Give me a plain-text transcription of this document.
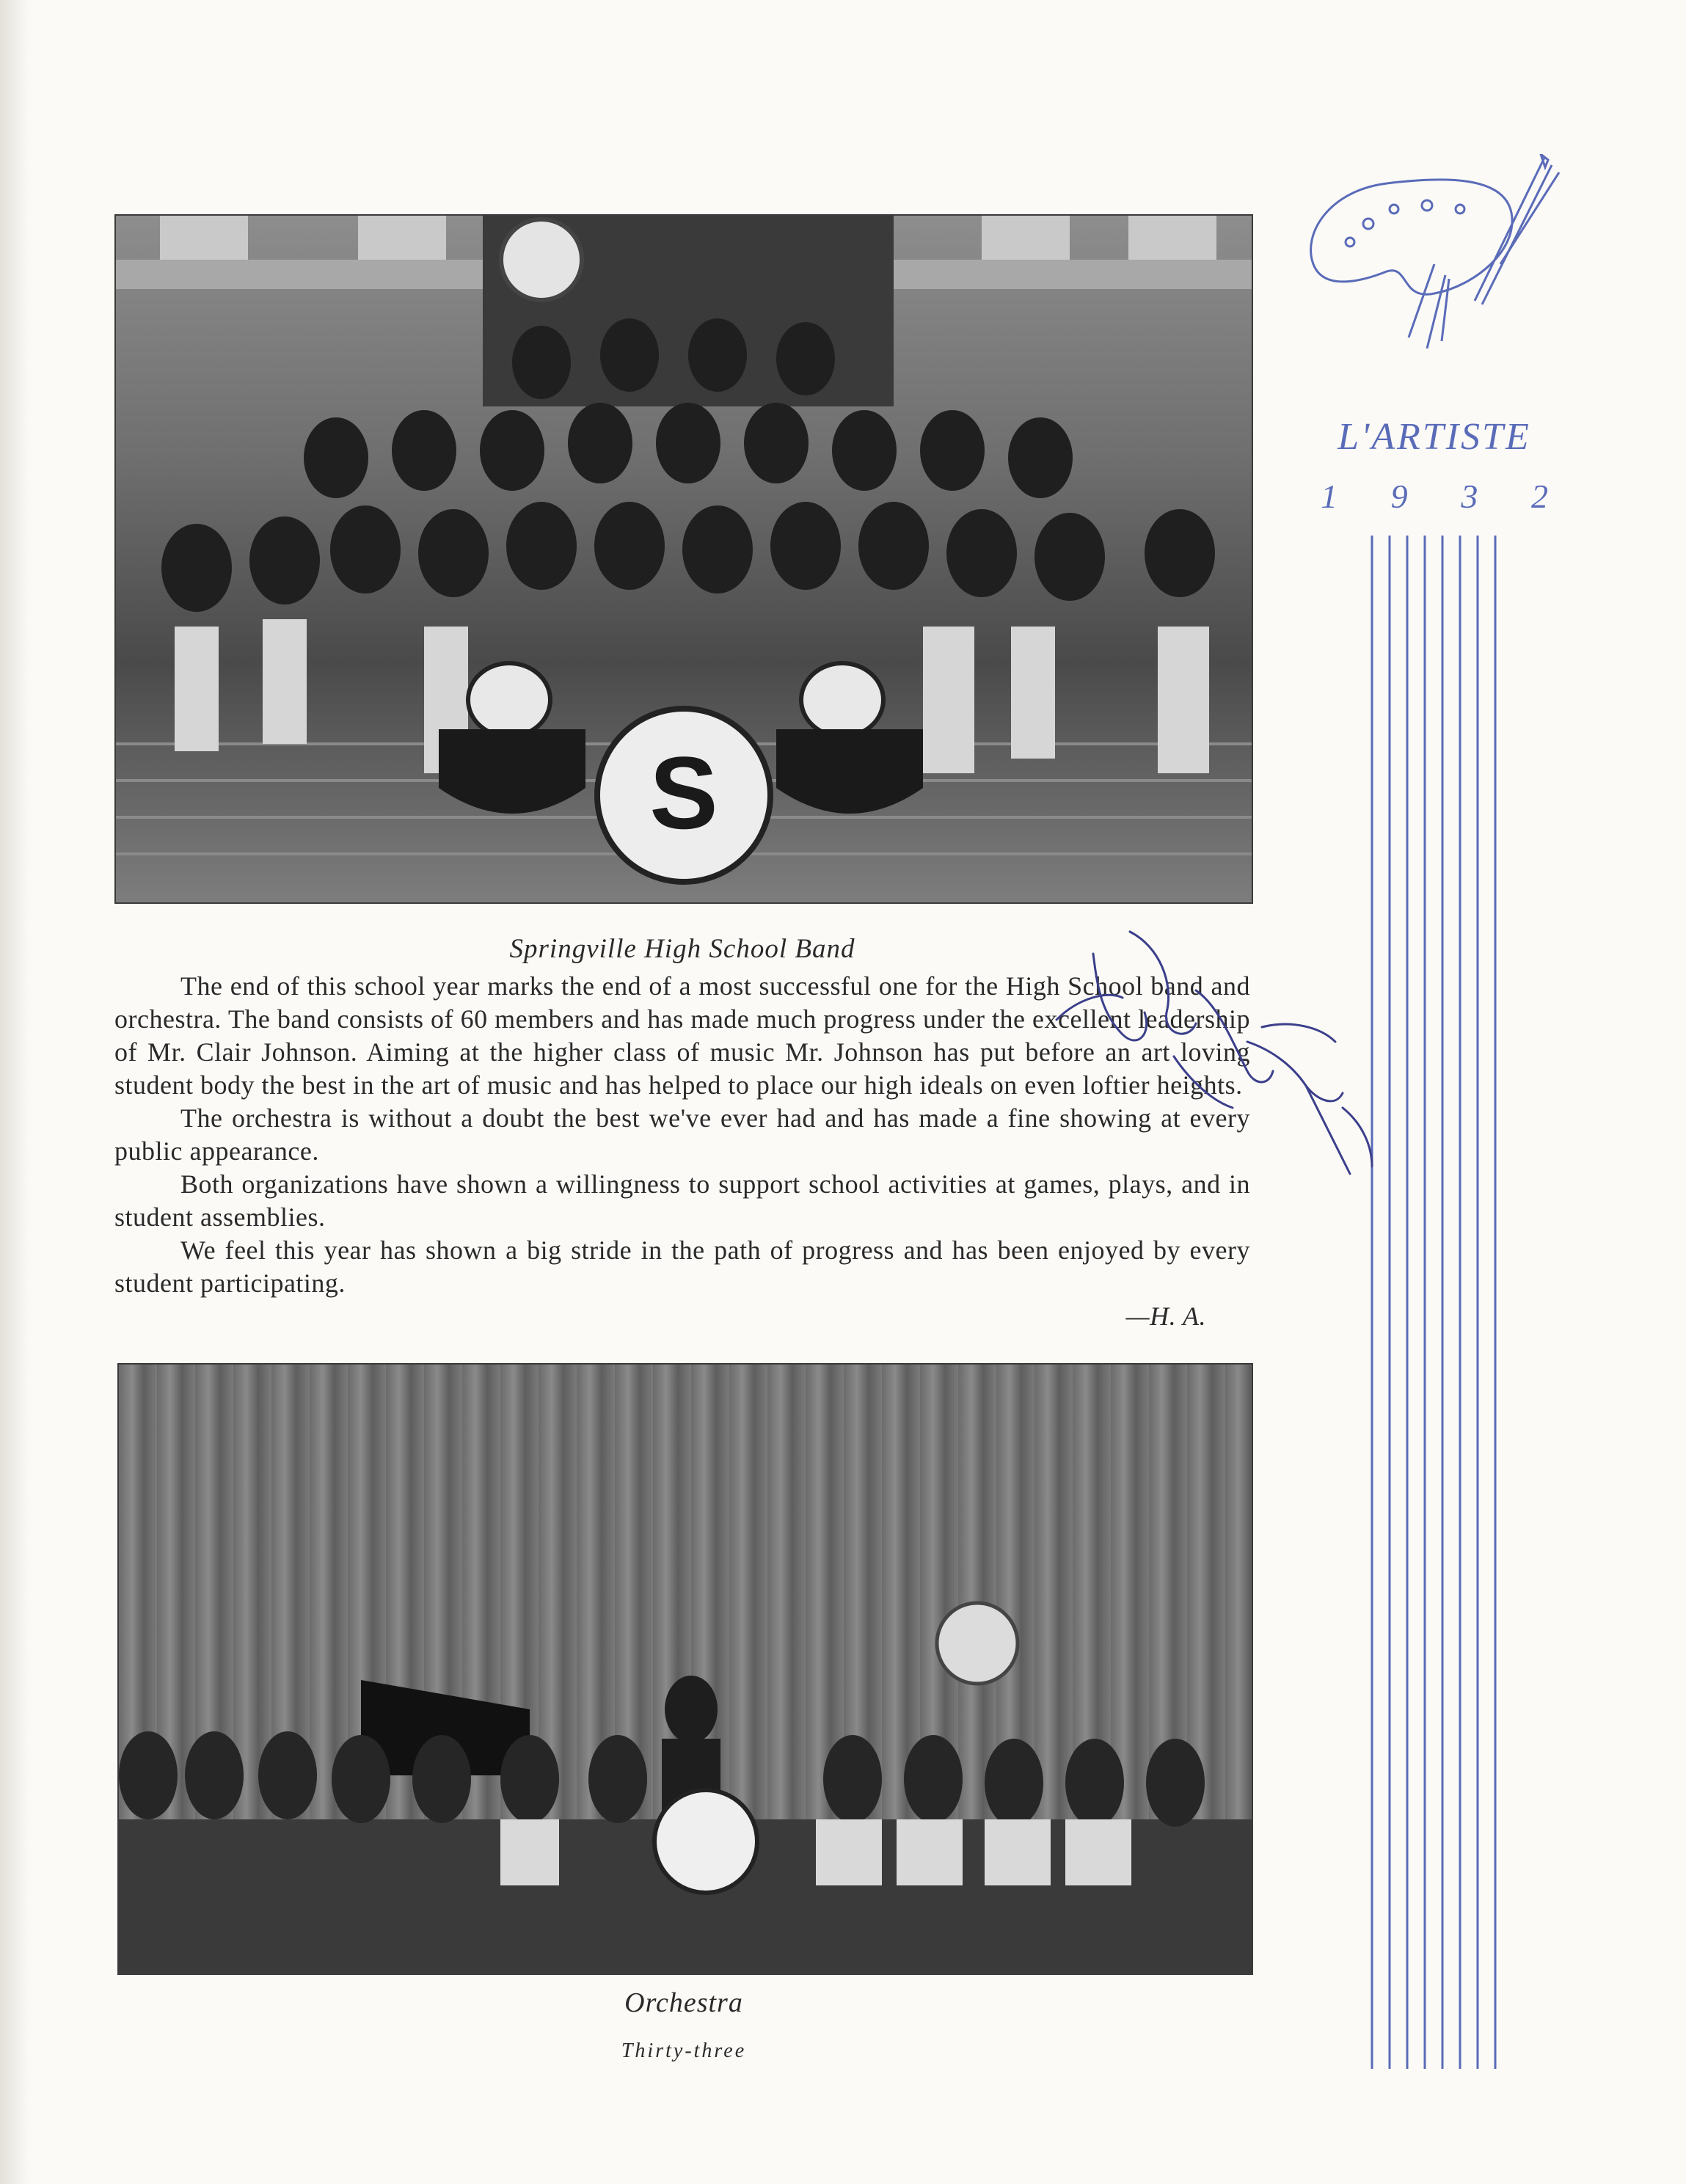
S
Springville High School Band

The end of this school year marks the end of a most successful one for the High School band and orchestra. The band consists of 60 members and has made much progress under the excellent leadership of Mr. Clair Johnson. Aiming at the higher class of music Mr. Johnson has put before an art loving student body the best in the art of music and has helped to place our high ideals on even loftier heights.

The orchestra is without a doubt the best we've ever had and has made a fine showing at every public appearance.

Both organizations have shown a willingness to support school activities at games, plays, and in student assemblies.

We feel this year has shown a big stride in the path of progress and has been enjoyed by every student participating.

—H. A.
Orchestra
Thirty-three
L'ARTISTE
1 9 3 2
